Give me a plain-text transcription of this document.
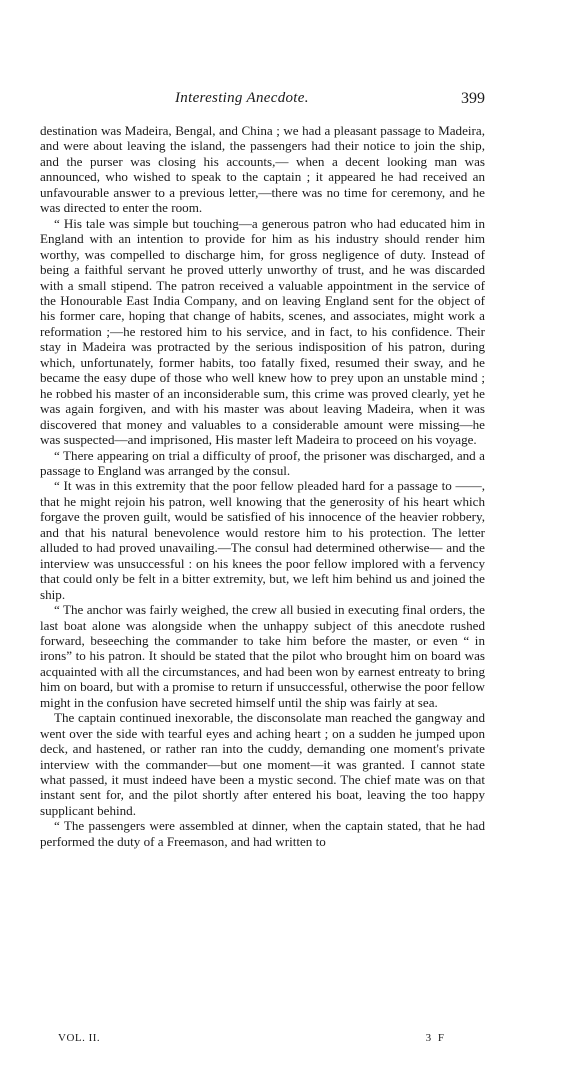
Interesting Anecdote.	399

destination was Madeira, Bengal, and China ; we had a pleasant passage to Madeira, and were about leaving the island, the passengers had their notice to join the ship, and the purser was closing his accounts,— when a decent looking man was announced, who wished to speak to the captain ; it appeared he had received an unfavourable answer to a previous letter,—there was no time for ceremony, and he was directed to enter the room.

“ His tale was simple but touching—a generous patron who had educated him in England with an intention to provide for him as his industry should render him worthy, was compelled to discharge him, for gross negligence of duty. Instead of being a faithful servant he proved utterly unworthy of trust, and he was discarded with a small stipend. The patron received a valuable appointment in the service of the Honourable East India Company, and on leaving England sent for the object of his former care, hoping that change of habits, scenes, and associates, might work a reformation ;—he restored him to his service, and in fact, to his confidence. Their stay in Madeira was protracted by the serious indisposition of his patron, during which, unfortunately, former habits, too fatally fixed, resumed their sway, and he became the easy dupe of those who well knew how to prey upon an unstable mind ; he robbed his master of an inconsiderable sum, this crime was proved clearly, yet he was again forgiven, and with his master was about leaving Madeira, when it was discovered that money and valuables to a considerable amount were missing—he was suspected—and imprisoned, His master left Madeira to proceed on his voyage.

“ There appearing on trial a difficulty of proof, the prisoner was discharged, and a passage to England was arranged by the consul.

“ It was in this extremity that the poor fellow pleaded hard for a passage to ——, that he might rejoin his patron, well knowing that the generosity of his heart which forgave the proven guilt, would be satisfied of his innocence of the heavier robbery, and that his natural benevolence would restore him to his protection. The letter alluded to had proved unavailing.—The consul had determined otherwise— and the interview was unsuccessful : on his knees the poor fellow implored with a fervency that could only be felt in a bitter extremity, but, we left him behind us and joined the ship.

“ The anchor was fairly weighed, the crew all busied in executing final orders, the last boat alone was alongside when the unhappy subject of this anecdote rushed forward, beseeching the commander to take him before the master, or even “ in irons” to his patron. It should be stated that the pilot who brought him on board was acquainted with all the circumstances, and had been won by earnest entreaty to bring him on board, but with a promise to return if unsuccessful, otherwise the poor fellow might in the confusion have secreted himself until the ship was fairly at sea.

The captain continued inexorable, the disconsolate man reached the gangway and went over the side with tearful eyes and aching heart ; on a sudden he jumped upon deck, and hastened, or rather ran into the cuddy, demanding one moment's private interview with the commander—but one moment—it was granted. I cannot state what passed, it must indeed have been a mystic second. The chief mate was on that instant sent for, and the pilot shortly after entered his boat, leaving the too happy supplicant behind.

“ The passengers were assembled at dinner, when the captain stated, that he had performed the duty of a Freemason, and had written to

VOL. II.	3 F
